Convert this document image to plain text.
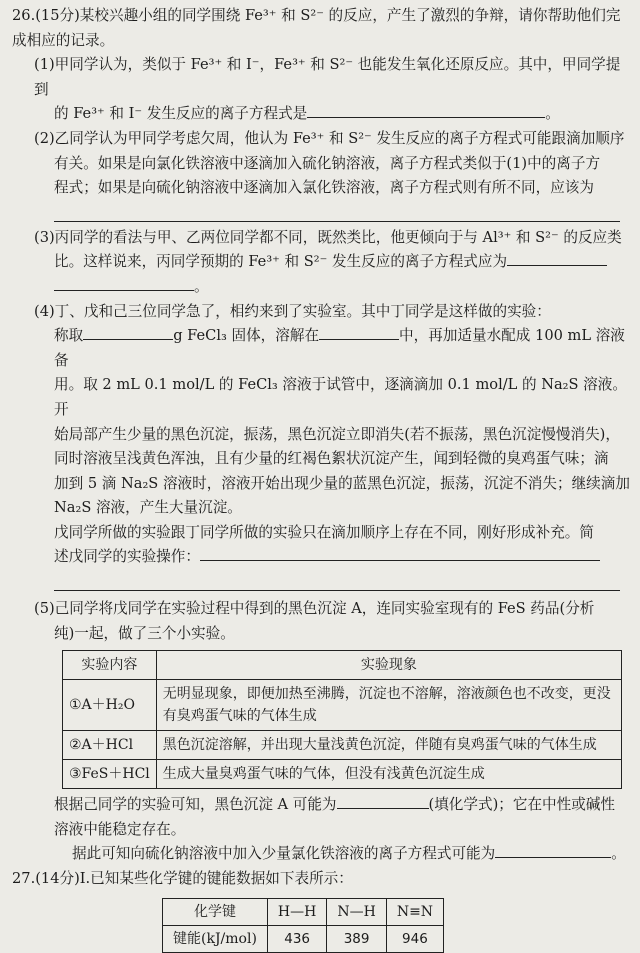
26.(15分)某校兴趣小组的同学围绕 Fe³⁺ 和 S²⁻ 的反应，产生了激烈的争辩，请你帮助他们完成相应的记录。

(1)甲同学认为，类似于 Fe³⁺ 和 I⁻，Fe³⁺ 和 S²⁻ 也能发生氧化还原反应。其中，甲同学提到

的 Fe³⁺ 和 I⁻ 发生反应的离子方程式是	。

(2)乙同学认为甲同学考虑欠周，他认为 Fe³⁺ 和 S²⁻ 发生反应的离子方程式可能跟滴加顺序

有关。如果是向氯化铁溶液中逐滴加入硫化钠溶液，离子方程式类似于(1)中的离子方

程式；如果是向硫化钠溶液中逐滴加入氯化铁溶液，离子方程式则有所不同，应该为

(3)丙同学的看法与甲、乙两位同学都不同，既然类比，他更倾向于与 Al³⁺ 和 S²⁻ 的反应类

比。这样说来，丙同学预期的 Fe³⁺ 和 S²⁻ 发生反应的离子方程式应为

。

(4)丁、戊和己三位同学急了，相约来到了实验室。其中丁同学是这样做的实验：

称取	g FeCl₃ 固体，溶解在	中，再加适量水配成 100 mL 溶液备

用。取 2 mL 0.1 mol/L 的 FeCl₃ 溶液于试管中，逐滴滴加 0.1 mol/L 的 Na₂S 溶液。开

始局部产生少量的黑色沉淀，振荡，黑色沉淀立即消失(若不振荡，黑色沉淀慢慢消失)，

同时溶液呈浅黄色浑浊，且有少量的红褐色絮状沉淀产生，闻到轻微的臭鸡蛋气味；滴

加到 5 滴 Na₂S 溶液时，溶液开始出现少量的蓝黑色沉淀，振荡，沉淀不消失；继续滴加

Na₂S 溶液，产生大量沉淀。

戊同学所做的实验跟丁同学所做的实验只在滴加顺序上存在不同，刚好形成补充。简

述戊同学的实验操作：

(5)己同学将戊同学在实验过程中得到的黑色沉淀 A，连同实验室现有的 FeS 药品(分析

纯)一起，做了三个小实验。

实验内容	实验现象
①A＋H₂O	无明显现象，即便加热至沸腾，沉淀也不溶解，溶液颜色也不改变，更没有臭鸡蛋气味的气体生成
②A＋HCl	黑色沉淀溶解，并出现大量浅黄色沉淀，伴随有臭鸡蛋气味的气体生成
③FeS＋HCl	生成大量臭鸡蛋气味的气体，但没有浅黄色沉淀生成

根据己同学的实验可知，黑色沉淀 A 可能为	(填化学式)；它在中性或碱性

溶液中能稳定存在。

据此可知向硫化钠溶液中加入少量氯化铁溶液的离子方程式可能为	。

27.(14分)Ⅰ.已知某些化学键的键能数据如下表所示：

化学键	H—H	N—H	N≡N
键能(kJ/mol)	436	389	946
